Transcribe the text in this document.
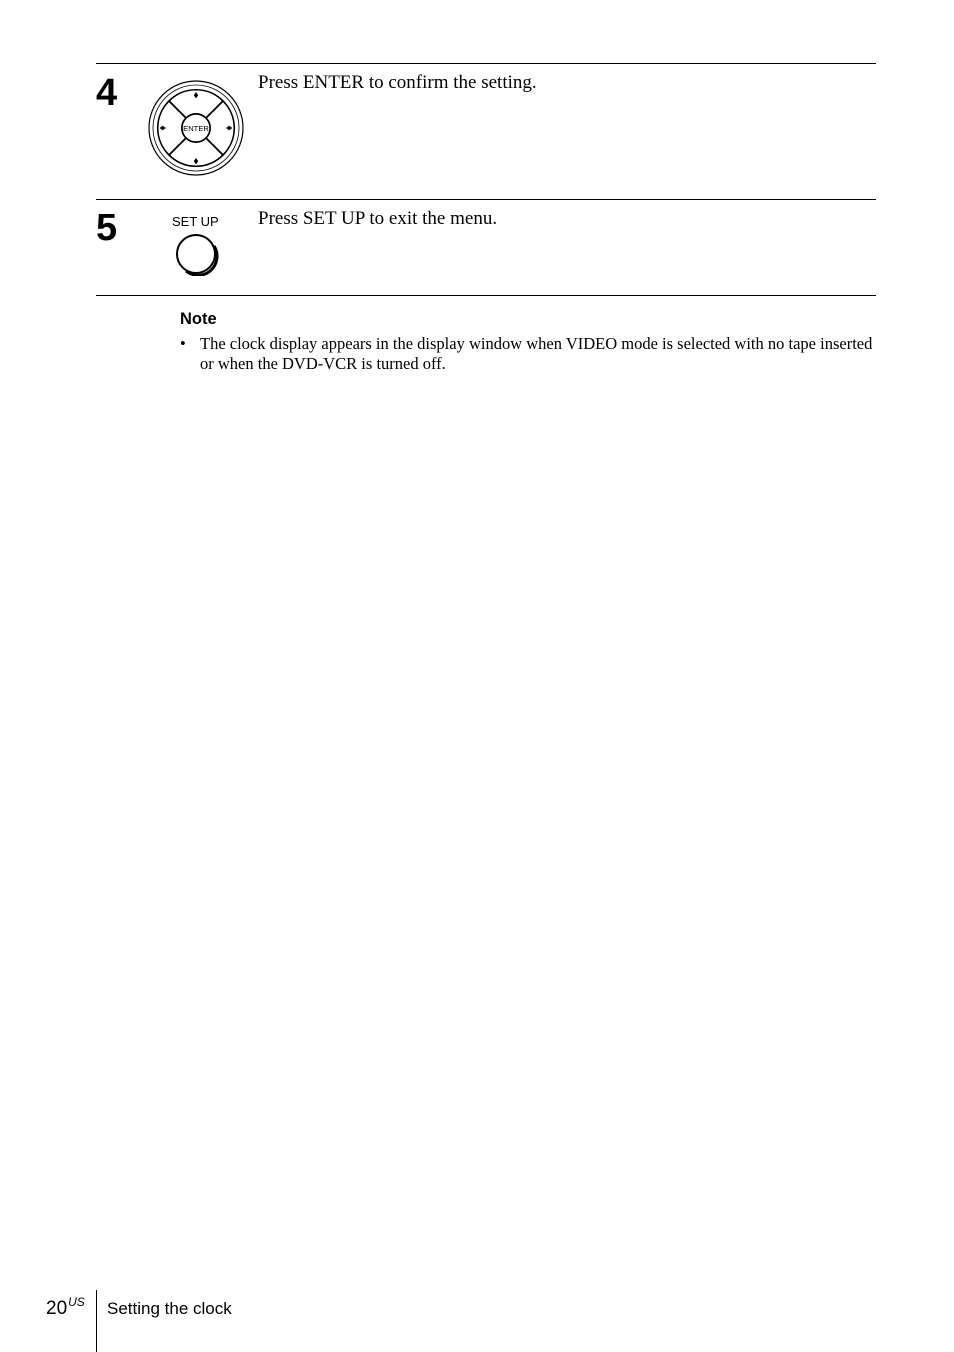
4
ENTER
Press ENTER to confirm the setting.
5	SET UP Press SET UP to exit the menu.
Note
• The clock display appears in the display window when VIDEO mode is selected with no tape inserted or when the DVD-VCR is turned off.
$20^{US}$ Setting the clock
